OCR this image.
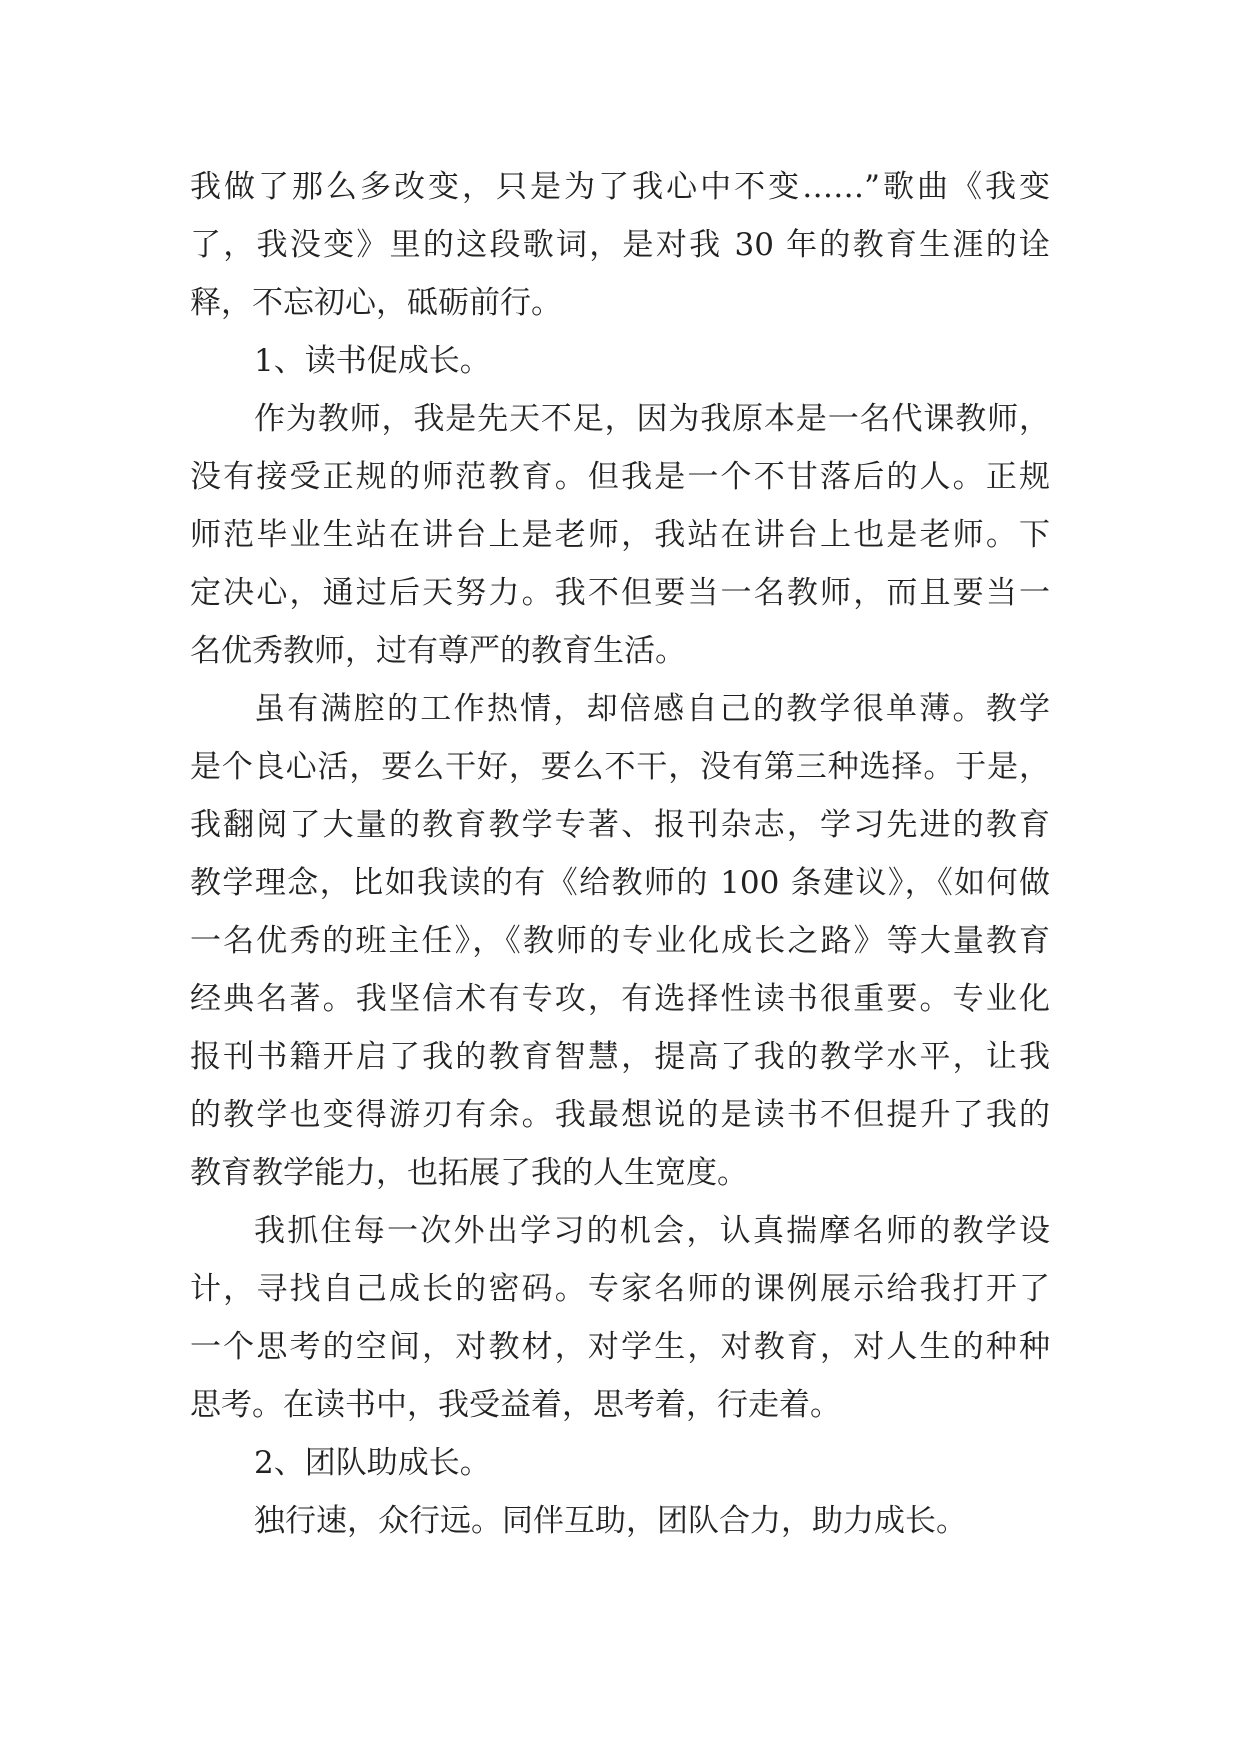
我做了那么多改变，只是为了我心中不变……”歌曲《我变
了，我没变》里的这段歌词，是对我 30 年的教育生涯的诠
释，不忘初心，砥砺前行。
1、读书促成长。
作为教师，我是先天不足，因为我原本是一名代课教师，
没有接受正规的师范教育。但我是一个不甘落后的人。正规
师范毕业生站在讲台上是老师，我站在讲台上也是老师。下
定决心，通过后天努力。我不但要当一名教师，而且要当一
名优秀教师，过有尊严的教育生活。
虽有满腔的工作热情，却倍感自己的教学很单薄。教学
是个良心活，要么干好，要么不干，没有第三种选择。于是，
我翻阅了大量的教育教学专著、报刊杂志，学习先进的教育
教学理念，比如我读的有《给教师的 100 条建议》，《如何做
一名优秀的班主任》，《教师的专业化成长之路》等大量教育
经典名著。我坚信术有专攻，有选择性读书很重要。专业化
报刊书籍开启了我的教育智慧，提高了我的教学水平，让我
的教学也变得游刃有余。我最想说的是读书不但提升了我的
教育教学能力，也拓展了我的人生宽度。
我抓住每一次外出学习的机会，认真揣摩名师的教学设
计，寻找自己成长的密码。专家名师的课例展示给我打开了
一个思考的空间，对教材，对学生，对教育，对人生的种种
思考。在读书中，我受益着，思考着，行走着。
2、团队助成长。
独行速，众行远。同伴互助，团队合力，助力成长。
